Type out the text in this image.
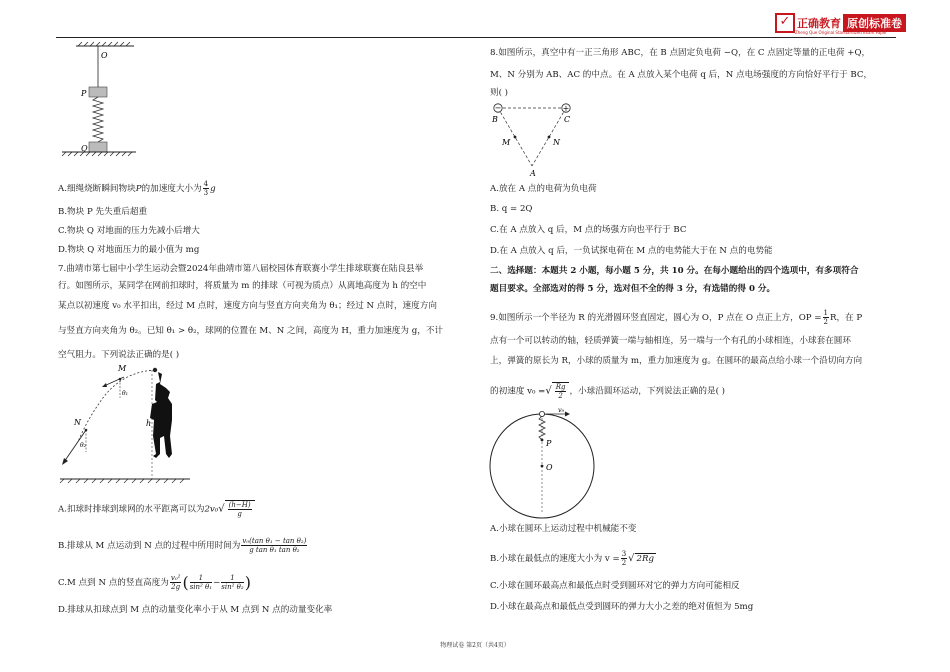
✓ 正确教育 原创标准卷
Zheng Que Original Standardized Exam Paper
O
P
Q
A.细绳烧断瞬间物块P的加速度大小为 $\frac{4}{3}$ g
B.物块 P 先失重后超重
C.物块 Q 对地面的压力先减小后增大
D.物块 Q 对地面压力的最小值为 mg
7.曲靖市第七届中小学生运动会暨2024年曲靖市第八届校园体育联赛小学生排球联赛在陆良县举
行。如图所示，某同学在网前扣球时，将质量为 m 的排球（可视为质点）从离地高度为 h 的空中
某点以初速度 v₀ 水平扣出，经过 M 点时，速度方向与竖直方向夹角为 θ₁；经过 N 点时，速度方向
与竖直方向夹角为 θ₂。已知 θ₁ > θ₂，球网的位置在 M、N 之间，高度为 H，重力加速度为 g，不计
空气阻力。下列说法正确的是( )
M
θ₁
N
θ₂
h
A.扣球时排球到球网的水平距离可以为$2v_0√ \frac{(h-H)}{g}$
B.排球从 M 点运动到 N 点的过程中所用时间为 $\frac{\text{v₀(tan θ₁ − tan θ₂)}}{\text{g tan θ₁ tan θ₂}}$
C.M 点到 N 点的竖直高度为 $\frac{\text{v₀²}}{2g}$ ( $\frac{1}{\text{sin² θ₁}} - \frac{1}{\text{sin² θ₂}}$ )
D.排球从扣球点到 M 点的动量变化率小于从 M 点到 N 点的动量变化率
8.如图所示，真空中有一正三角形 ABC，在 B 点固定负电荷 −Q，在 C 点固定等量的正电荷 +Q，
M、N 分别为 AB、AC 的中点。在 A 点放入某个电荷 q 后，N 点电场强度的方向恰好平行于 BC，
则( )
−	+
B	C
M	N
A
A.放在 A 点的电荷为负电荷
B. q = 2Q
C.在 A 点放入 q 后，M 点的场强方向也平行于 BC
D.在 A 点放入 q 后，一负试探电荷在 M 点的电势能大于在 N 点的电势能
二、选择题：本题共 2 小题，每小题 5 分，共 10 分。在每小题给出的四个选项中，有多项符合
题目要求。全部选对的得 5 分，选对但不全的得 3 分，有选错的得 0 分。
9.如图所示一个半径为 R 的光滑圆环竖直固定，圆心为 O，P 点在 O 点正上方，OP = $\frac{1}{2}$ R，在 P
点有一个可以转动的轴，轻质弹簧一端与轴相连，另一端与一个有孔的小球相连，小球套在圆环
上，弹簧的原长为 R，小球的质量为 m，重力加速度为 g。在圆环的最高点给小球一个沿切向方向
的初速度 v₀ =√ $\frac{Rg}{2}$ ，小球沿圆环运动，下列说法正确的是( )
v₀
P
O
A.小球在圆环上运动过程中机械能不变
B.小球在最低点的速度大小为 $v = \frac{3}{2}$ √ 2Rg
C.小球在圆环最高点和最低点时受到圆环对它的弹力方向可能相反
D.小球在最高点和最低点受到圆环的弹力大小之差的绝对值恒为 5mg
物理试卷 第2页（共4页）
